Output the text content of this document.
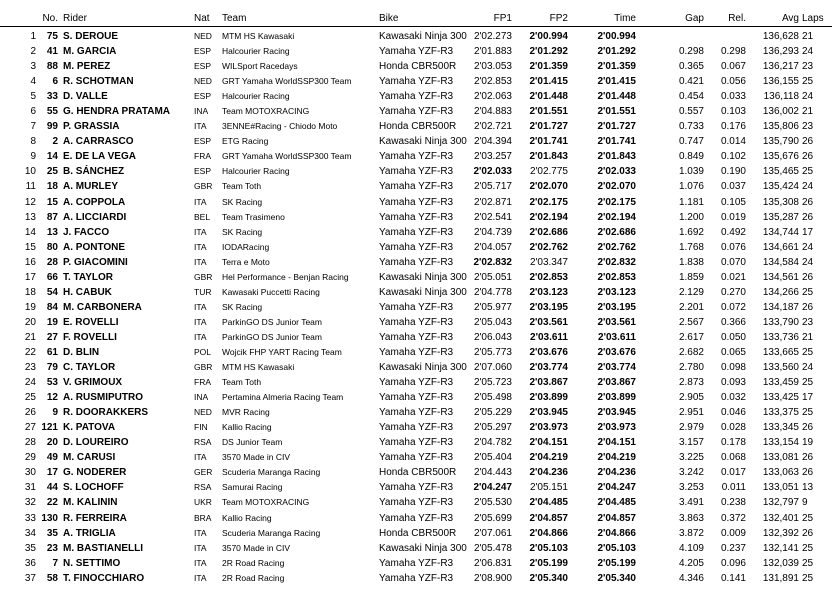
No. Rider	Nat Team	Bike	FP1	FP2	Time	Gap	Rel.	Avg Laps
1	75 S. DEROUE	NED MTM HS Kawasaki	Kawasaki Ninja 300 2'02.273	2'00.994	2'00.994	136,628 21
2	41 M. GARCIA	ESP Halcourier Racing	Yamaha YZF-R3	2'01.883	2'01.292	2'01.292	0.298	0.298	136,293 24
3	88 M. PEREZ	ESP WILSport Racedays	Honda CBR500R	2'03.053	2'01.359	2'01.359	0.365	0.067	136,217 23
4	6 R. SCHOTMAN	NED GRT Yamaha WorldSSP300 Team	Yamaha YZF-R3	2'02.853	2'01.415	2'01.415	0.421	0.056	136,155 25
5	33 D. VALLE	ESP Halcourier Racing	Yamaha YZF-R3	2'02.063	2'01.448	2'01.448	0.454	0.033	136,118 24
6	55 G. HENDRA PRATAMA	INA Team MOTOXRACING	Yamaha YZF-R3	2'04.883	2'01.551	2'01.551	0.557	0.103	136,002 21
7	99 P. GRASSIA	ITA 3ENNE#Racing - Chiodo Moto	Honda CBR500R	2'02.721	2'01.727	2'01.727	0.733	0.176	135,806 23
8	2 A. CARRASCO	ESP ETG Racing	Kawasaki Ninja 300 2'04.394	2'01.741	2'01.741	0.747	0.014	135,790 26
9	14 E. DE LA VEGA	FRA GRT Yamaha WorldSSP300 Team	Yamaha YZF-R3	2'03.257	2'01.843	2'01.843	0.849	0.102	135,676 26
10	25 B. SÁNCHEZ	ESP Halcourier Racing	Yamaha YZF-R3	2'02.033	2'02.775	2'02.033	1.039	0.190	135,465 25
11	18 A. MURLEY	GBR Team Toth	Yamaha YZF-R3	2'05.717	2'02.070	2'02.070	1.076	0.037	135,424 24
12	15 A. COPPOLA	ITA SK Racing	Yamaha YZF-R3	2'02.871	2'02.175	2'02.175	1.181	0.105	135,308 26
13	87 A. LICCIARDI	BEL Team Trasimeno	Yamaha YZF-R3	2'02.541	2'02.194	2'02.194	1.200	0.019	135,287 26
14	13 J. FACCO	ITA SK Racing	Yamaha YZF-R3	2'04.739	2'02.686	2'02.686	1.692	0.492	134,744 17
15	80 A. PONTONE	ITA IODARacing	Yamaha YZF-R3	2'04.057	2'02.762	2'02.762	1.768	0.076	134,661 24
16	28 P. GIACOMINI	ITA Terra e Moto	Yamaha YZF-R3	2'02.832	2'03.347	2'02.832	1.838	0.070	134,584 24
17	66 T. TAYLOR	GBR Hel Performance - Benjan Racing	Kawasaki Ninja 300 2'05.051	2'02.853	2'02.853	1.859	0.021	134,561 26
18	54 H. CABUK	TUR Kawasaki Puccetti Racing	Kawasaki Ninja 300 2'04.778	2'03.123	2'03.123	2.129	0.270	134,266 25
19	84 M. CARBONERA	ITA SK Racing	Yamaha YZF-R3	2'05.977	2'03.195	2'03.195	2.201	0.072	134,187 26
20	19 E. ROVELLI	ITA ParkinGO DS Junior Team	Yamaha YZF-R3	2'05.043	2'03.561	2'03.561	2.567	0.366	133,790 23
21	27 F. ROVELLI	ITA ParkinGO DS Junior Team	Yamaha YZF-R3	2'06.043	2'03.611	2'03.611	2.617	0.050	133,736 21
22	61 D. BLIN	POL Wojcik FHP YART Racing Team	Yamaha YZF-R3	2'05.773	2'03.676	2'03.676	2.682	0.065	133,665 25
23	79 C. TAYLOR	GBR MTM HS Kawasaki	Kawasaki Ninja 300 2'07.060	2'03.774	2'03.774	2.780	0.098	133,560 24
24	53 V. GRIMOUX	FRA Team Toth	Yamaha YZF-R3	2'05.723	2'03.867	2'03.867	2.873	0.093	133,459 25
25	12 A. RUSMIPUTRO	INA Pertamina Almeria Racing Team	Yamaha YZF-R3	2'05.498	2'03.899	2'03.899	2.905	0.032	133,425 17
26	9 R. DOORAKKERS	NED MVR Racing	Yamaha YZF-R3	2'05.229	2'03.945	2'03.945	2.951	0.046	133,375 25
27 121 K. PATOVA	FIN Kallio Racing	Yamaha YZF-R3	2'05.297	2'03.973	2'03.973	2.979	0.028	133,345 26
28	20 D. LOUREIRO	RSA DS Junior Team	Yamaha YZF-R3	2'04.782	2'04.151	2'04.151	3.157	0.178	133,154 19
29	49 M. CARUSI	ITA 3570 Made in CIV	Yamaha YZF-R3	2'05.404	2'04.219	2'04.219	3.225	0.068	133,081 26
30	17 G. NODERER	GER Scuderia Maranga Racing	Honda CBR500R	2'04.443	2'04.236	2'04.236	3.242	0.017	133,063 26
31	44 S. LOCHOFF	RSA Samurai Racing	Yamaha YZF-R3	2'04.247	2'05.151	2'04.247	3.253	0.011	133,051 13
32	22 M. KALININ	UKR Team MOTOXRACING	Yamaha YZF-R3	2'05.530	2'04.485	2'04.485	3.491	0.238	132,797 9
33 130 R. FERREIRA	BRA Kallio Racing	Yamaha YZF-R3	2'05.699	2'04.857	2'04.857	3.863	0.372	132,401 25
34	35 A. TRIGLIA	ITA Scuderia Maranga Racing	Honda CBR500R	2'07.061	2'04.866	2'04.866	3.872	0.009	132,392 26
35	23 M. BASTIANELLI	ITA 3570 Made in CIV	Kawasaki Ninja 300 2'05.478	2'05.103	2'05.103	4.109	0.237	132,141 25
36	7 N. SETTIMO	ITA 2R Road Racing	Yamaha YZF-R3	2'06.831	2'05.199	2'05.199	4.205	0.096	132,039 25
37	58 T. FINOCCHIARO	ITA 2R Road Racing	Yamaha YZF-R3	2'08.900	2'05.340	2'05.340	4.346	0.141	131,891 25
